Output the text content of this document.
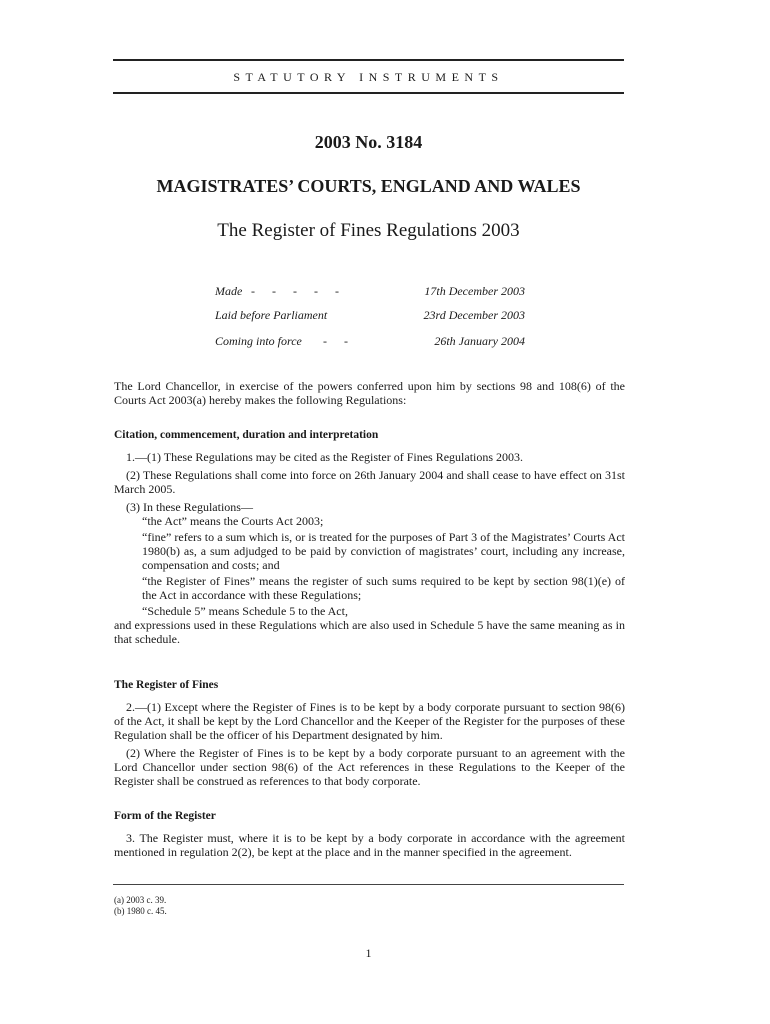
STATUTORY INSTRUMENTS
2003 No. 3184
MAGISTRATES’ COURTS, ENGLAND AND WALES
The Register of Fines Regulations 2003
Made - - - - -	17th December 2003
Laid before Parliament	23rd December 2003
Coming into force - -	26th January 2004

The Lord Chancellor, in exercise of the powers conferred upon him by sections 98 and 108(6) of the Courts Act 2003(a) hereby makes the following Regulations:

Citation, commencement, duration and interpretation

1.—(1) These Regulations may be cited as the Register of Fines Regulations 2003.

(2) These Regulations shall come into force on 26th January 2004 and shall cease to have effect on 31st March 2005.

(3) In these Regulations—

“the Act” means the Courts Act 2003;

“fine” refers to a sum which is, or is treated for the purposes of Part 3 of the Magistrates’ Courts Act 1980(b) as, a sum adjudged to be paid by conviction of magistrates’ court, including any increase, compensation and costs; and

“the Register of Fines” means the register of such sums required to be kept by section 98(1)(e) of the Act in accordance with these Regulations;

“Schedule 5” means Schedule 5 to the Act,

and expressions used in these Regulations which are also used in Schedule 5 have the same meaning as in that schedule.

The Register of Fines

2.—(1) Except where the Register of Fines is to be kept by a body corporate pursuant to section 98(6) of the Act, it shall be kept by the Lord Chancellor and the Keeper of the Register for the purposes of these Regulation shall be the officer of his Department designated by him.

(2) Where the Register of Fines is to be kept by a body corporate pursuant to an agreement with the Lord Chancellor under section 98(6) of the Act references in these Regulations to the Keeper of the Register shall be construed as references to that body corporate.

Form of the Register

3. The Register must, where it is to be kept by a body corporate in accordance with the agreement mentioned in regulation 2(2), be kept at the place and in the manner specified in the agreement.

(a) 2003 c. 39.
(b) 1980 c. 45.
1
